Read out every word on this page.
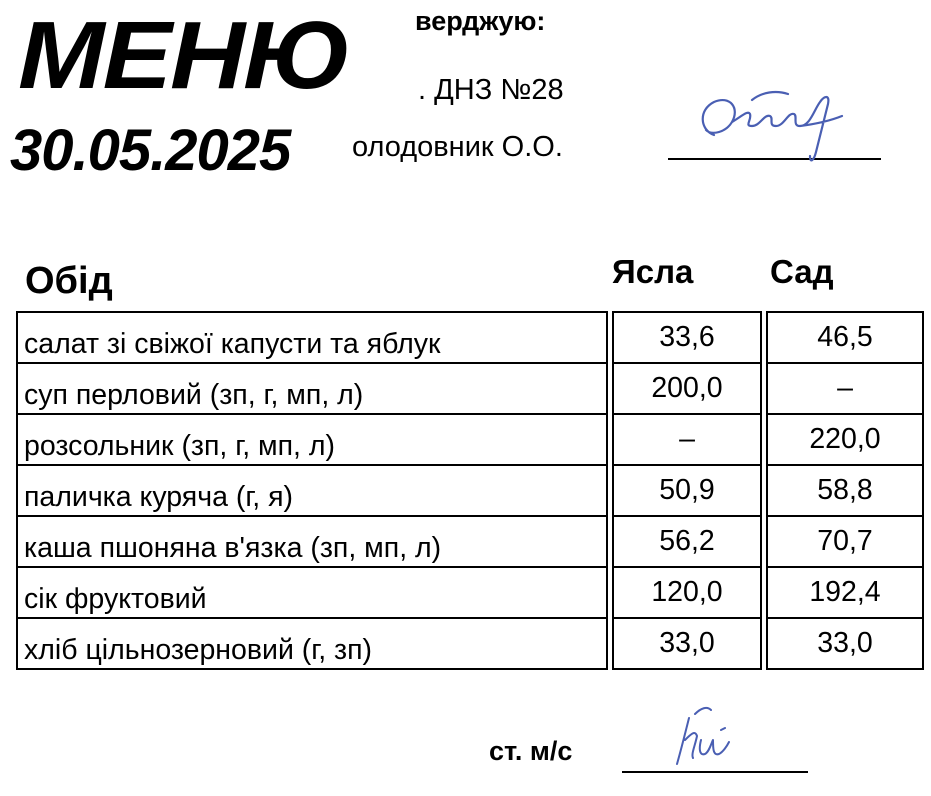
МЕНЮ
30.05.2025
верджую:
. ДНЗ №28
олодовник О.О.
Обід	Ясла Сад
салат зі свіжої капусти та яблук		33,6		46,5
суп перловий (зп, г, мп, л)		200,0		–
розсольник (зп, г, мп, л)		–		220,0
паличка куряча (г, я)		50,9		58,8
каша пшоняна в'язка (зп, мп, л)		56,2		70,7
сік фруктовий		120,0		192,4
хліб цільнозерновий (г, зп)		33,0		33,0
ст. м/с
